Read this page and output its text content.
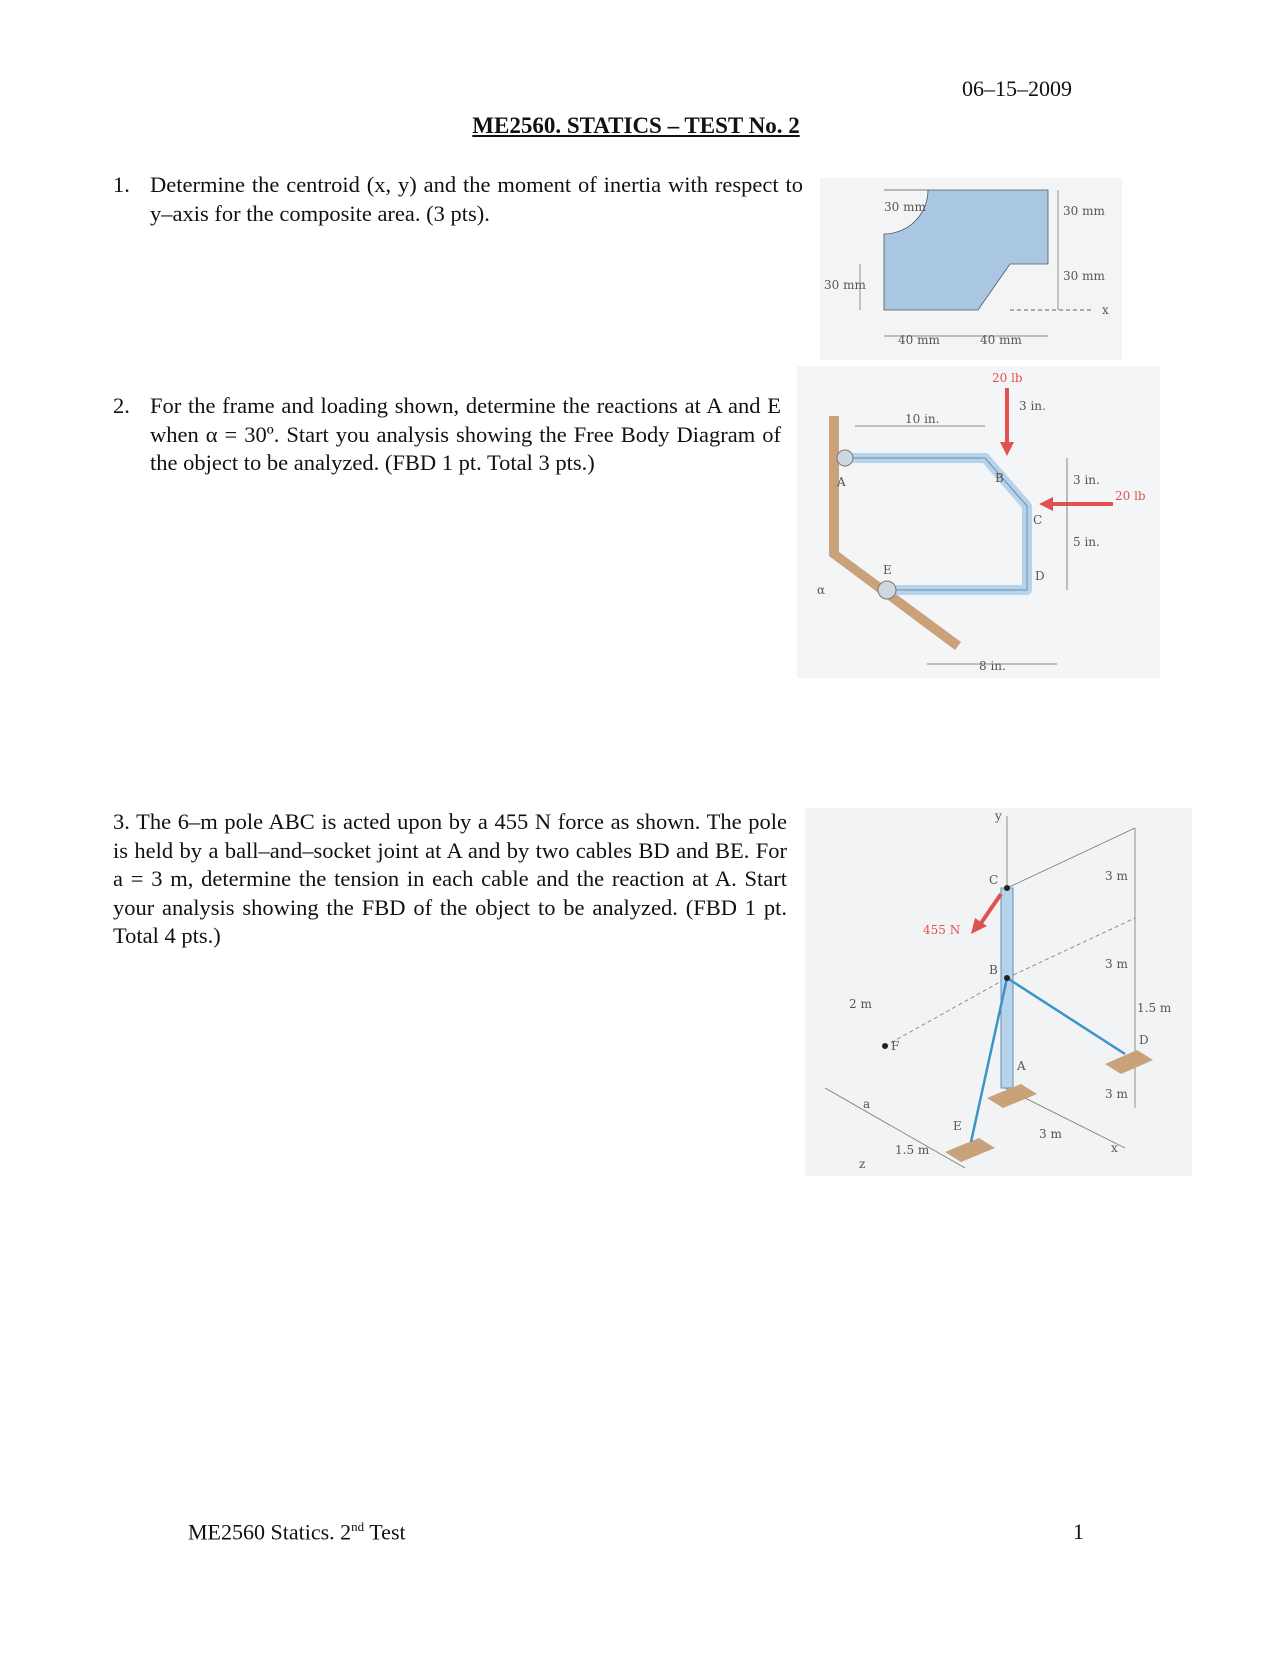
06–15–2009
ME2560. STATICS – TEST No. 2
1. Determine the centroid (x, y) and the moment of inertia with respect to y–axis for the composite area. (3 pts).	30 mm	30 mm
30 mm
30 mm
40 mm	40 mm
x
2. For the frame and loading shown, determine the reactions at A and E when α = 30º. Start you analysis showing the Free Body Diagram of the object to be analyzed. (FBD 1 pt. Total 3 pts.)
20 lb
10 in.
3 in.
3 in.
20 lb
5 in.
8 in.
A	B
C
D
E
α
3. The 6–m pole ABC is acted upon by a 455 N force as shown. The pole is held by a ball–and–socket joint at A and by two cables BD and BE. For a = 3 m, determine the tension in each cable and the reaction at A. Start your analysis showing the FBD of the object to be analyzed. (FBD 1 pt. Total 4 pts.)
y
C
B
A
D
E
F
455 N
3 m
3 m
1.5 m
3 m
3 m
1.5 m
2 m
a
x
z
ME2560 Statics. 2nd Test	1
